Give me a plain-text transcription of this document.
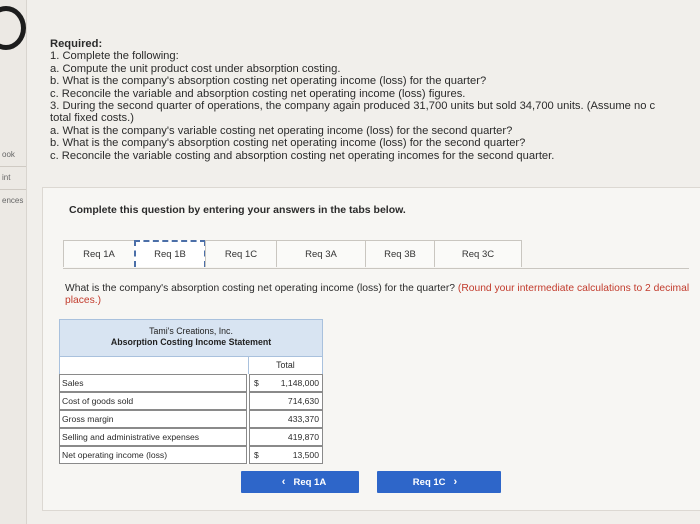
ook
int
ences
Required:
1. Complete the following:
a. Compute the unit product cost under absorption costing.
b. What is the company's absorption costing net operating income (loss) for the quarter?
c. Reconcile the variable and absorption costing net operating income (loss) figures.
3. During the second quarter of operations, the company again produced 31,700 units but sold 34,700 units. (Assume no c
total fixed costs.)
a. What is the company's variable costing net operating income (loss) for the second quarter?
b. What is the company's absorption costing net operating income (loss) for the second quarter?
c. Reconcile the variable costing and absorption costing net operating incomes for the second quarter.
Complete this question by entering your answers in the tabs below.
Req 1A	Req 1B	Req 1C	Req 3A	Req 3B	Req 3C
What is the company's absorption costing net operating income (loss) for the quarter? (Round your intermediate calculations to 2 decimal places.)
Tami's Creations, Inc.
Absorption Costing Income Statement
Total
Sales	$	1,148,000
Cost of goods sold	714,630
Gross margin	433,370
Selling and administrative expenses	419,870
Net operating income (loss)	$	13,500
‹ Req 1A	Req 1C ›
